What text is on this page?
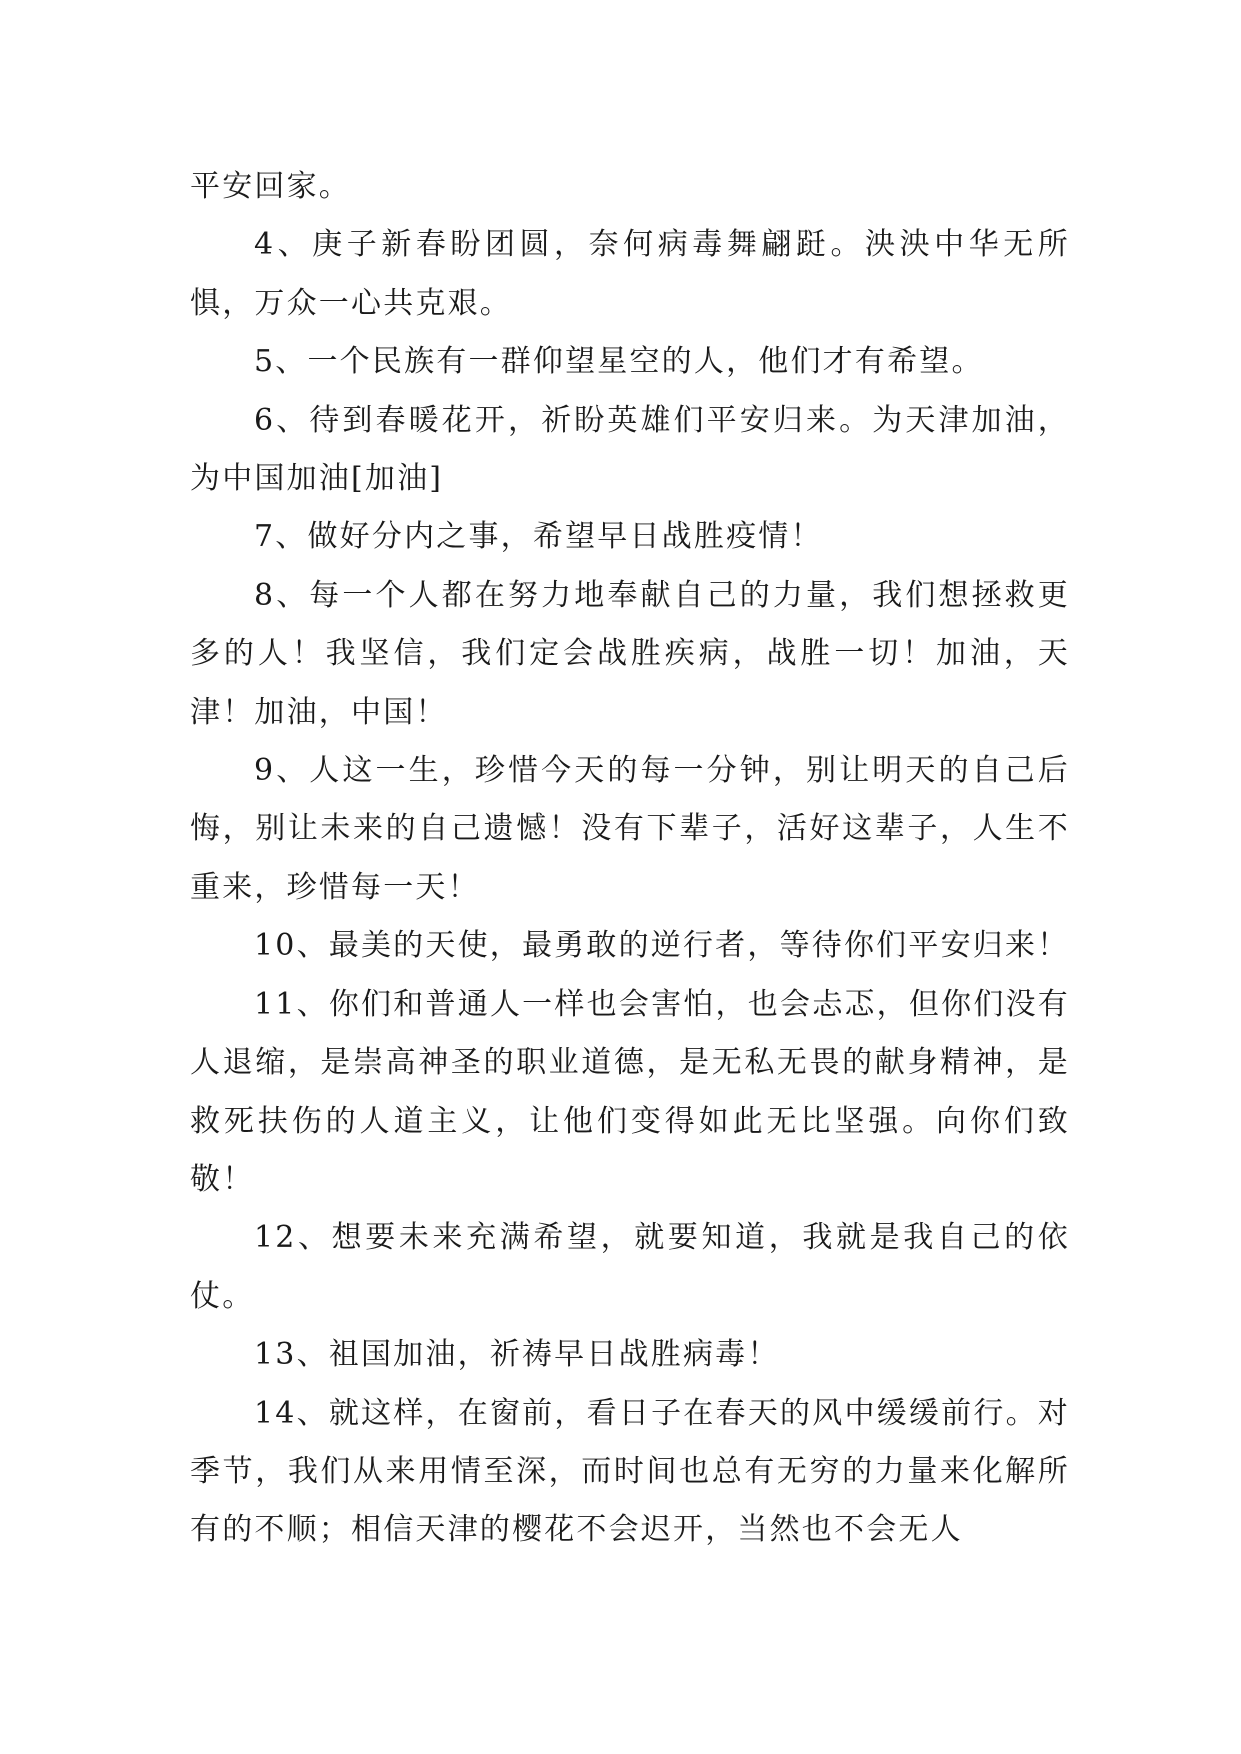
平安回家。

4、庚子新春盼团圆，奈何病毒舞翩跹。泱泱中华无所惧，万众一心共克艰。

5、一个民族有一群仰望星空的人，他们才有希望。

6、待到春暖花开，祈盼英雄们平安归来。为天津加油，为中国加油[加油]

7、做好分内之事，希望早日战胜疫情！

8、每一个人都在努力地奉献自己的力量，我们想拯救更多的人！我坚信，我们定会战胜疾病，战胜一切！加油，天津！加油，中国！

9、人这一生，珍惜今天的每一分钟，别让明天的自己后悔，别让未来的自己遗憾！没有下辈子，活好这辈子，人生不重来，珍惜每一天！

10、最美的天使，最勇敢的逆行者，等待你们平安归来！

11、你们和普通人一样也会害怕，也会忐忑，但你们没有人退缩，是崇高神圣的职业道德，是无私无畏的献身精神，是救死扶伤的人道主义，让他们变得如此无比坚强。向你们致敬！

12、想要未来充满希望，就要知道，我就是我自己的依仗。

13、祖国加油，祈祷早日战胜病毒！

14、就这样，在窗前，看日子在春天的风中缓缓前行。对季节，我们从来用情至深，而时间也总有无穷的力量来化解所有的不顺；相信天津的樱花不会迟开，当然也不会无人
